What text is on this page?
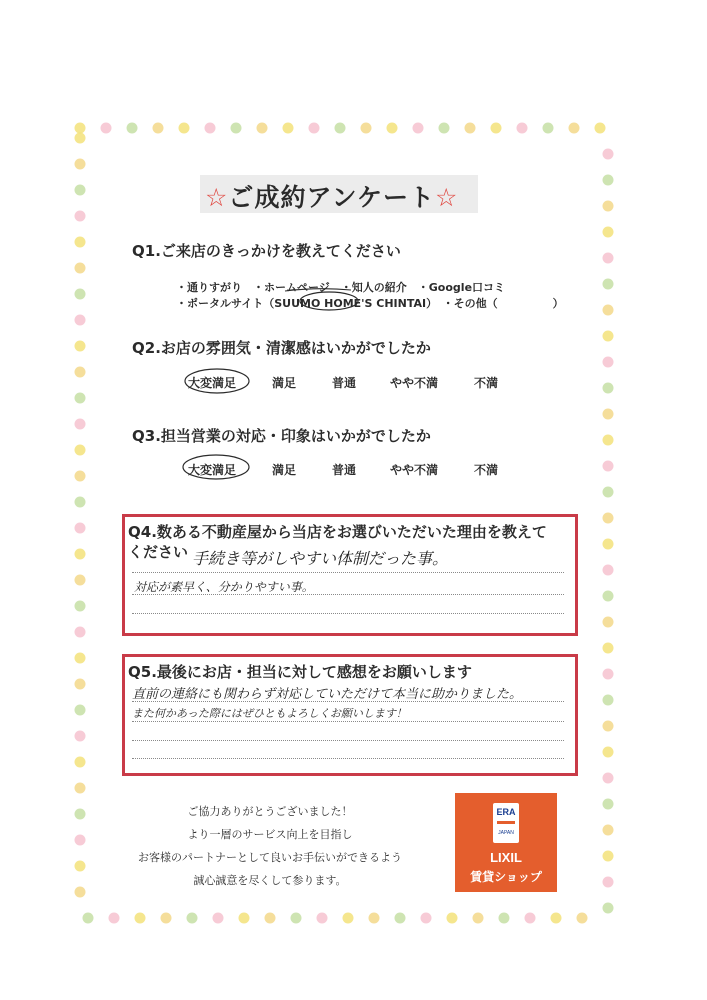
☆ご成約アンケート☆
Q1.ご来店のきっかけを教えてください
・通りすがり　・ホームページ　・知人の紹介　・Google口コミ
・ポータルサイト（SUUMO HOME'S CHINTAI）　・その他（　　　　　）
Q2.お店の雰囲気・清潔感はいかがでしたか
大変満足	満足	普通	やや不満	不満
Q3.担当営業の対応・印象はいかがでしたか
大変満足	満足	普通	やや不満	不満
Q4.数ある不動産屋から当店をお選びいただいた理由を教えて
ください 手続き等がしやすい体制だった事。
対応が素早く、分かりやすい事。
Q5.最後にお店・担当に対して感想をお願いします
直前の連絡にも関わらず対応していただけて本当に助かりました。
また何かあった際にはぜひともよろしくお願いします！
ご協力ありがとうございました！
より一層のサービス向上を目指し
お客様のパートナーとして良いお手伝いができるよう
誠心誠意を尽くして参ります。
ERA
JAPAN
LIXIL
賃貸ショップ
